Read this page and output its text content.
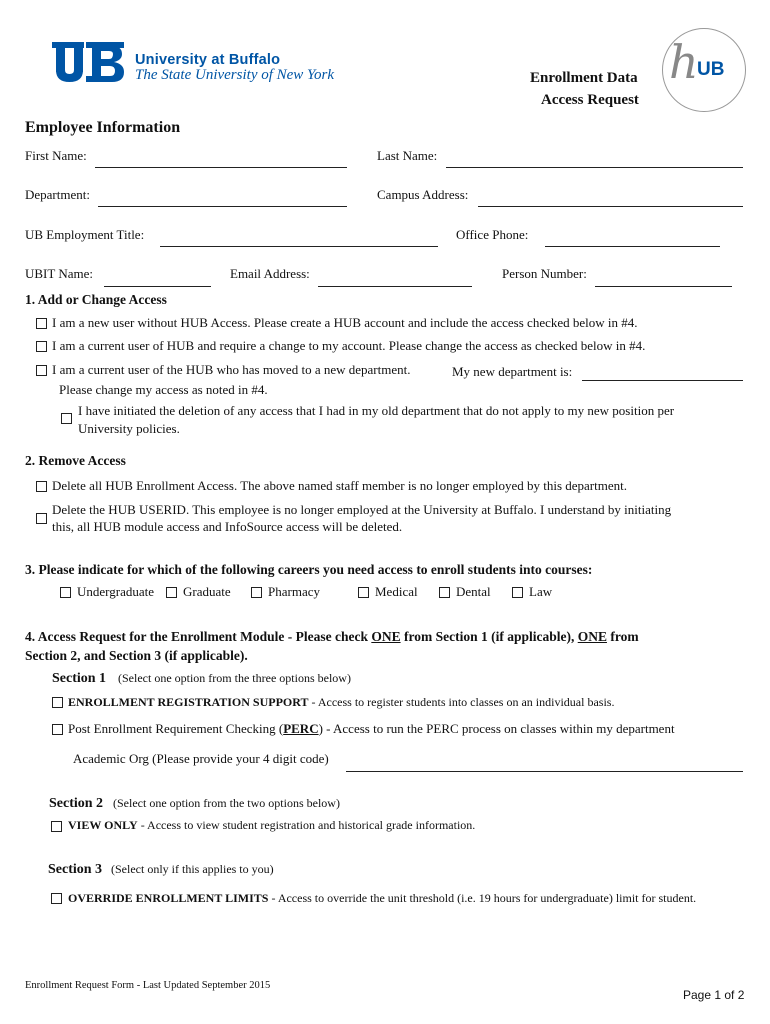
University at Buffalo
The State University of New York	Enrollment Data
Access Request
h
UB
Employee Information
First Name:	Last Name:
Department:	Campus Address:
UB Employment Title:	Office Phone:
UBIT Name:	Email Address:	Person Number:
1. Add or Change Access
I am a new user without HUB Access. Please create a HUB account and include the access checked below in #4.
I am a current user of HUB and require a change to my account. Please change the access as checked below in #4.
I am a current user of the HUB who has moved to a new department.	My new department is:
Please change my access as noted in #4.
I have initiated the deletion of any access that I had in my old department that do not apply to my new position per
University policies.
2. Remove Access
Delete all HUB Enrollment Access. The above named staff member is no longer employed by this department.
Delete the HUB USERID. This employee is no longer employed at the University at Buffalo. I understand by initiating
this, all HUB module access and InfoSource access will be deleted.
3. Please indicate for which of the following careers you need access to enroll students into courses:
Undergraduate Graduate	Pharmacy	Medical	Dental	Law
4. Access Request for the Enrollment Module - Please check ONE from Section 1 (if applicable), ONE from
Section 2, and Section 3 (if applicable).
Section 1 (Select one option from the three options below)
ENROLLMENT REGISTRATION SUPPORT - Access to register students into classes on an individual basis.
Post Enrollment Requirement Checking (PERC) - Access to run the PERC process on classes within my department
Academic Org (Please provide your 4 digit code)
Section 2 (Select one option from the two options below)
VIEW ONLY - Access to view student registration and historical grade information.
Section 3 (Select only if this applies to you)
OVERRIDE ENROLLMENT LIMITS - Access to override the unit threshold (i.e. 19 hours for undergraduate) limit for student.
Enrollment Request Form - Last Updated September 2015
Page 1 of 2
